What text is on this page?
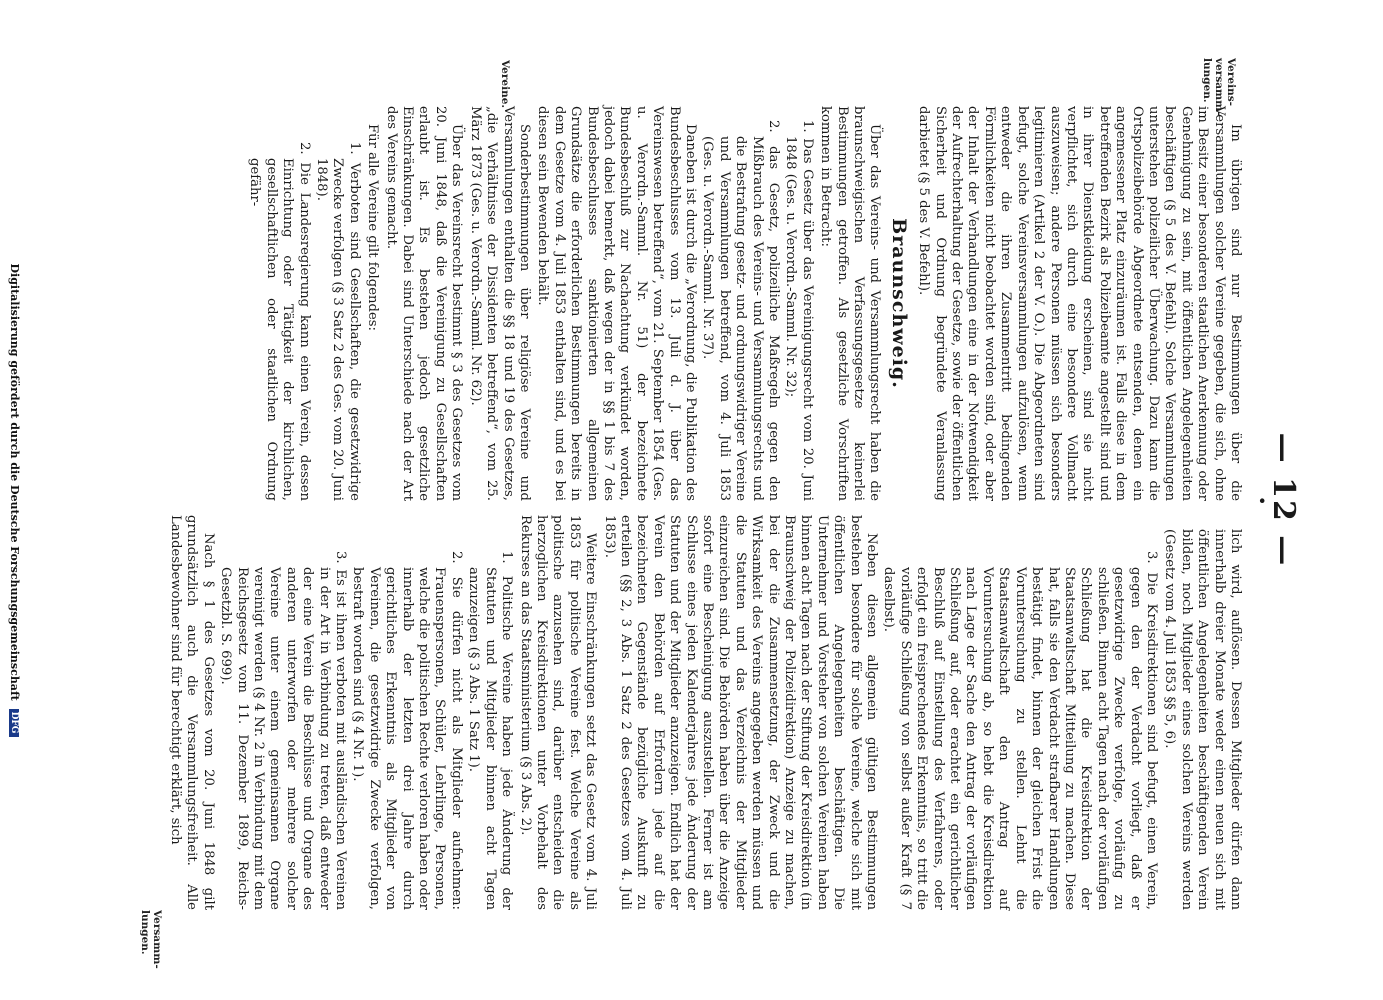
•
— 12 —
Vereins-
versamm-
lungen.
Vereine.
Versamm-
lungen.

Im übrigen sind nur Bestimmungen über die Versammlungen solcher Vereine gegeben, die sich, ohne im Besitz einer besonderen staatlichen Anerkennung oder Genehmigung zu sein, mit öffentlichen Angelegenheiten beschäftigen (§ 5 des V. Befehl). Solche Versammlungen unterstehen polizeilicher Überwachung. Dazu kann die Ortspolizeibehörde Abgeordnete entsenden, denen ein angemessener Platz einzuräumen ist. Falls diese in dem betreffenden Bezirk als Polizeibeamte angestellt sind und in ihrer Dienstkleidung erscheinen, sind sie nicht verpflichtet, sich durch eine besondere Vollmacht auszuweisen; andere Personen müssen sich besonders legitimieren (Artikel 2 der V. O.). Die Abgeordneten sind befugt, solche Vereinsversammlungen aufzulösen, wenn entweder die ihren Zusammentritt bedingenden Förmlichkeiten nicht beobachtet worden sind, oder aber der Inhalt der Verhandlungen eine in der Notwendigkeit der Aufrechterhaltung der Gesetze, sowie der öffentlichen Sicherheit und Ordnung begründete Veranlassung darbietet (§ 5 des V. Befehl).

Braunschweig.

Über das Vereins- und Versammlungsrecht haben die braunschweigischen Verfassungsgesetze keinerlei Bestimmungen getroffen. Als gesetzliche Vorschriften kommen in Betracht:

1. Das Gesetz über das Vereinigungsrecht vom 20. Juni 1848 (Ges. u. Verordn.-Samml. Nr. 32);

2. das Gesetz, polizeiliche Maßregeln gegen den Mißbrauch des Vereins- und Versammlungsrechts und die Bestrafung gesetz- und ordnungswidriger Vereine und Versammlungen betreffend, vom 4. Juli 1853 (Ges. u. Verordn.-Samml. Nr. 37).

Daneben ist durch die „Verordnung, die Publikation des Bundesbeschlusses vom 13. Juli d. J. über das Vereinswesen betreffend“, vom 21. September 1854 (Ges. u. Verordn.-Samml. Nr. 51) der bezeichnete Bundesbeschluß zur Nachachtung verkündet worden, jedoch dabei bemerkt, daß wegen der in §§ 1 bis 7 des Bundesbeschlusses sanktionierten allgemeinen Grundsätze die erforderlichen Bestimmungen bereits in dem Gesetze vom 4. Juli 1853 enthalten sind, und es bei diesen sein Bewenden behält.

Sonderbestimmungen über religiöse Vereine und Versammlungen enthalten die §§ 18 und 19 des Gesetzes, „die Verhältnisse der Dissidenten betreffend“, vom 25. März 1873 (Ges. u. Verordn.-Samml. Nr. 62).

Über das Vereinsrecht bestimmt § 3 des Gesetzes vom 20. Juni 1848, daß die Vereinigung zu Gesellschaften erlaubt ist. Es bestehen jedoch gesetzliche Einschränkungen. Dabei sind Unterschiede nach der Art des Vereins gemacht.

Für alle Vereine gilt folgendes:

1. Verboten sind Gesellschaften, die gesetzwidrige Zwecke verfolgen (§ 3 Satz 2 des Ges. vom 20. Juni 1848).

2. Die Landesregierung kann einen Verein, dessen Einrichtung oder Tätigkeit der kirchlichen, gesellschaftlichen oder staatlichen Ordnung gefähr-

lich wird, auflösen. Dessen Mitglieder dürfen dann innerhalb dreier Monate weder einen neuen sich mit öffentlichen Angelegenheiten beschäftigenden Verein bilden, noch Mitglieder eines solchen Vereins werden (Gesetz vom 4. Juli 1853 §§ 5, 6).

3. Die Kreisdirektionen sind befugt, einen Verein, gegen den der Verdacht vorliegt, daß er gesetzwidrige Zwecke verfolge, vorläufig zu schließen. Binnen acht Tagen nach der vorläufigen Schließung hat die Kreisdirektion der Staatsanwaltschaft Mitteilung zu machen. Diese hat, falls sie den Verdacht strafbarer Handlungen bestätigt findet, binnen der gleichen Frist die Voruntersuchung zu stellen. Lehnt die Staatsanwaltschaft den Antrag auf Voruntersuchung ab, so hebt die Kreisdirektion nach Lage der Sache den Antrag der vorläufigen Schließung auf, oder erachtet ein gerichtlicher Beschluß auf Einstellung des Verfahrens, oder erfolgt ein freisprechendes Erkenntnis, so tritt die vorläufige Schließung von selbst außer Kraft (§ 7 daselbst).

Neben diesen allgemein gültigen Bestimmungen bestehen besondere für solche Vereine, welche sich mit öffentlichen Angelegenheiten beschäftigen. Die Unternehmer und Vorsteher von solchen Vereinen haben binnen acht Tagen nach der Stiftung der Kreisdirektion (in Braunschweig der Polizeidirektion) Anzeige zu machen, bei der die Zusammensetzung, der Zweck und die Wirksamkeit des Vereins angegeben werden müssen und die Statuten und das Verzeichnis der Mitglieder einzureichen sind. Die Behörden haben über die Anzeige sofort eine Bescheinigung auszustellen. Ferner ist am Schlusse eines jeden Kalenderjahres jede Änderung der Statuten und der Mitglieder anzuzeigen. Endlich hat der Verein den Behörden auf Erfordern jede auf die bezeichneten Gegenstände bezügliche Auskunft zu erteilen (§§ 2, 3 Abs. 1 Satz 2 des Gesetzes vom 4. Juli 1853).

Weitere Einschränkungen setzt das Gesetz vom 4. Juli 1853 für politische Vereine fest. Welche Vereine als politische anzusehen sind, darüber entscheiden die herzoglichen Kreisdirektionen unter Vorbehalt des Rekurses an das Staatsministerium (§ 3 Abs. 2).

1. Politische Vereine haben jede Änderung der Statuten und Mitglieder binnen acht Tagen anzuzeigen (§ 3 Abs. 1 Satz 1).

2. Sie dürfen nicht als Mitglieder aufnehmen: Frauenspersonen, Schüler, Lehrlinge, Personen, welche die politischen Rechte verloren haben oder innerhalb der letzten drei Jahre durch gerichtliches Erkenntnis als Mitglieder von Vereinen, die gesetzwidrige Zwecke verfolgen, bestraft worden sind (§ 4 Nr. 1).

3. Es ist ihnen verboten mit ausländischen Vereinen in der Art in Verbindung zu treten, daß entweder der eine Verein die Beschlüsse und Organe des anderen unterworfen oder mehrere solcher Vereine unter einem gemeinsamen Organe vereinigt werden (§ 4 Nr. 2 in Verbindung mit dem Reichsgesetz vom 11. Dezember 1899, Reichs-Gesetzbl. S. 699).

Nach § 1 des Gesetzes vom 20. Juni 1848 gilt grundsätzlich auch die Versammlungsfreiheit. Alle Landesbewohner sind für berechtigt erklärt, sich

Digitalisierung gefördert durch die Deutsche Forschungsgemeinschaft DFG
